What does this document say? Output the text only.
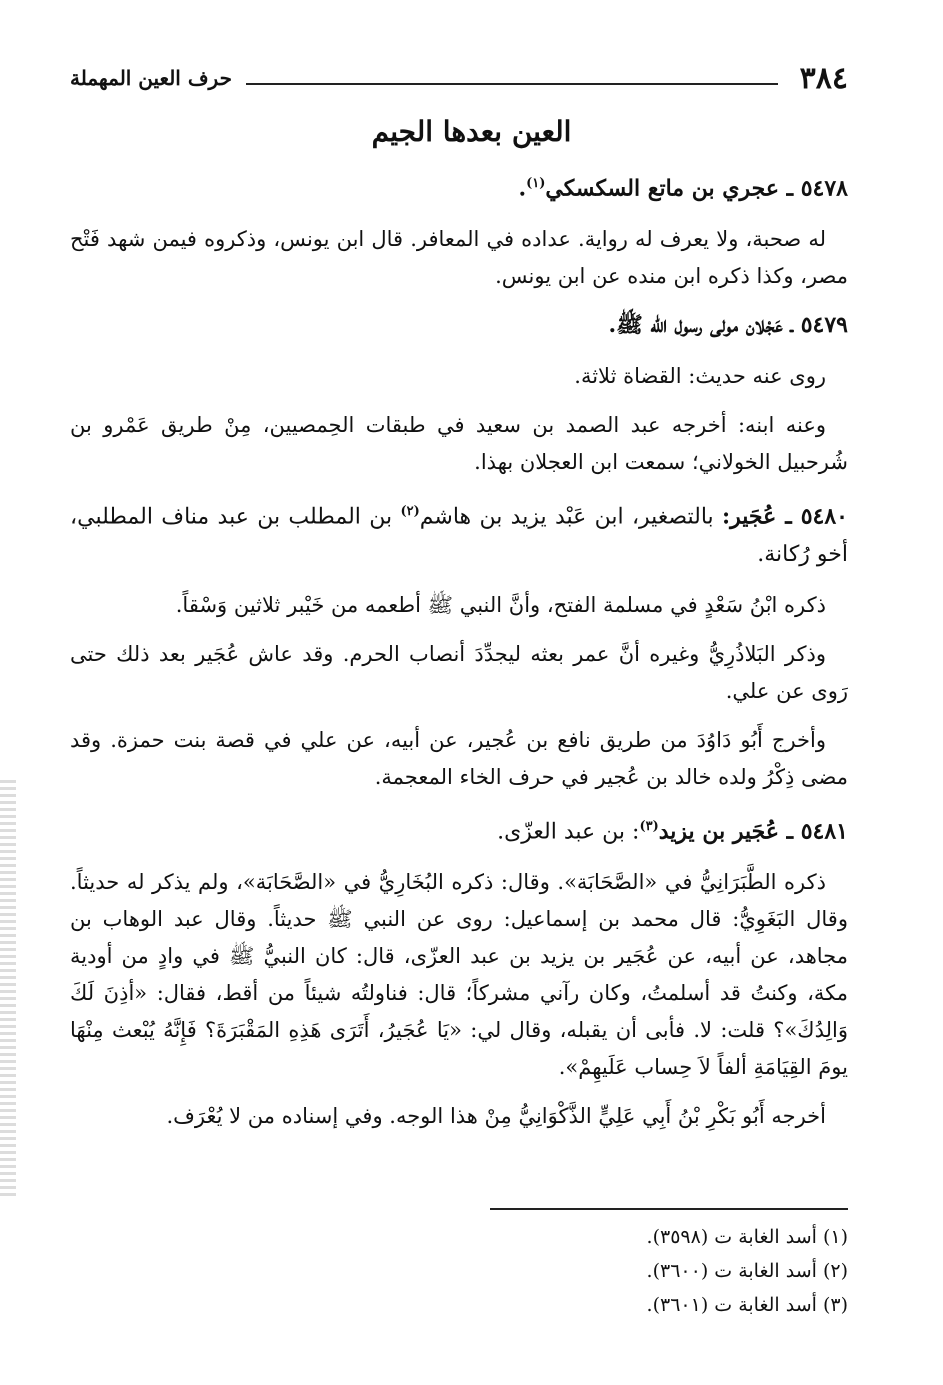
٣٨٤
حرف العين المهملة
العين بعدها الجيم

٥٤٧٨ ـ عجري بن ماتع السكسكي$^{(١)}$.

له صحبة، ولا يعرف له رواية. عداده في المعافر. قال ابن يونس، وذكروه فيمن شهد فَتْح مصر، وكذا ذكره ابن منده عن ابن يونس.

٥٤٧٩ ـ عَجْلان مولى رسول الله ﷺ.

روى عنه حديث: القضاة ثلاثة.

وعنه ابنه: أخرجه عبد الصمد بن سعيد في طبقات الحِمصيين، مِنْ طريق عَمْرو بن شُرحبيل الخولاني؛ سمعت ابن العجلان بهذا.

٥٤٨٠ ـ عُجَير: بالتصغير، ابن عَبْد يزيد بن هاشم$^{(٢)}$ بن المطلب بن عبد مناف المطلبي، أخو رُكانة.

ذكره ابْنُ سَعْدٍ في مسلمة الفتح، وأنَّ النبي ﷺ أطعمه من خَيْبر ثلاثين وَسْقاً.

وذكر البَلاذُرِيُّ وغيره أنَّ عمر بعثه ليجدِّدَ أنصاب الحرم. وقد عاش عُجَير بعد ذلك حتى رَوى عن علي.

وأخرج أَبُو دَاوُدَ من طريق نافع بن عُجير، عن أبيه، عن علي في قصة بنت حمزة. وقد مضى ذِكْرُ ولده خالد بن عُجير في حرف الخاء المعجمة.

٥٤٨١ ـ عُجَير بن يزيد$^{(٣)}$: بن عبد العزّى.

ذكره الطَّبَرَانِيُّ في «الصَّحَابَة». وقال: ذكره البُخَارِيُّ في «الصَّحَابَة»، ولم يذكر له حديثاً. وقال البَغَوِيُّ: قال محمد بن إسماعيل: روى عن النبي ﷺ حديثاً. وقال عبد الوهاب بن مجاهد، عن أبيه، عن عُجَير بن يزيد بن عبد العزّى، قال: كان النبيُّ ﷺ في وادٍ من أودية مكة، وكنتُ قد أسلمتُ، وكان رآني مشركاً؛ قال: فناولتُه شيئاً من أقط، فقال: «أذِنَ لَكَ وَالِدُكَ»؟ قلت: لا. فأبى أن يقبله، وقال لي: «يَا عُجَيرُ، أَتَرَى هَذِهِ المَقْبَرَةَ؟ فَإِنَّهُ يُبْعث مِنْهَا يومَ القِيَامَةِ ألفاً لاَ حِساب عَلَيهِمْ».

أخرجه أَبُو بَكْرِ بْنُ أَبِي عَلِيٍّ الذَّكْوَانِيُّ مِنْ هذا الوجه. وفي إسناده من لا يُعْرَف.

(١) أسد الغابة ت (٣٥٩٨).
(٢) أسد الغابة ت (٣٦٠٠).
(٣) أسد الغابة ت (٣٦٠١).
